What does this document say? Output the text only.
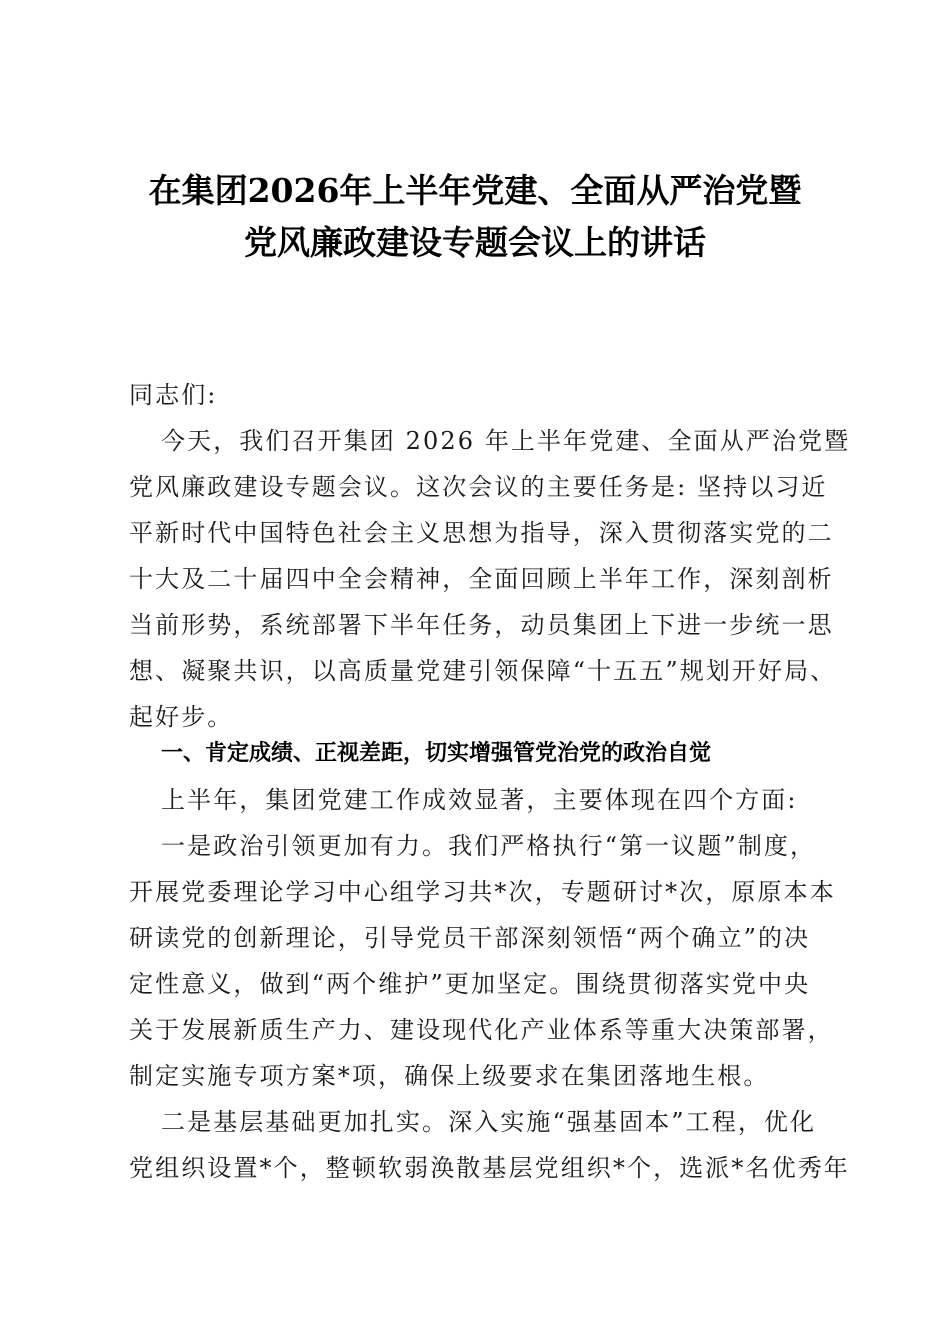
在集团2026年上半年党建、全面从严治党暨
党风廉政建设专题会议上的讲话
同志们:
今天，我们召开集团 2026 年上半年党建、全面从严治党暨
党风廉政建设专题会议。这次会议的主要任务是: 坚持以习近
平新时代中国特色社会主义思想为指导，深入贯彻落实党的二
十大及二十届四中全会精神，全面回顾上半年工作，深刻剖析
当前形势，系统部署下半年任务，动员集团上下进一步统一思
想、凝聚共识，以高质量党建引领保障“十五五”规划开好局、
起好步。
一、肯定成绩、正视差距，切实增强管党治党的政治自觉
上半年，集团党建工作成效显著，主要体现在四个方面:
一是政治引领更加有力。我们严格执行“第一议题”制度，
开展党委理论学习中心组学习共*次，专题研讨*次，原原本本
研读党的创新理论，引导党员干部深刻领悟“两个确立”的决
定性意义，做到“两个维护”更加坚定。围绕贯彻落实党中央
关于发展新质生产力、建设现代化产业体系等重大决策部署，
制定实施专项方案*项，确保上级要求在集团落地生根。
二是基层基础更加扎实。深入实施“强基固本”工程，优化
党组织设置*个，整顿软弱涣散基层党组织*个，选派*名优秀年
